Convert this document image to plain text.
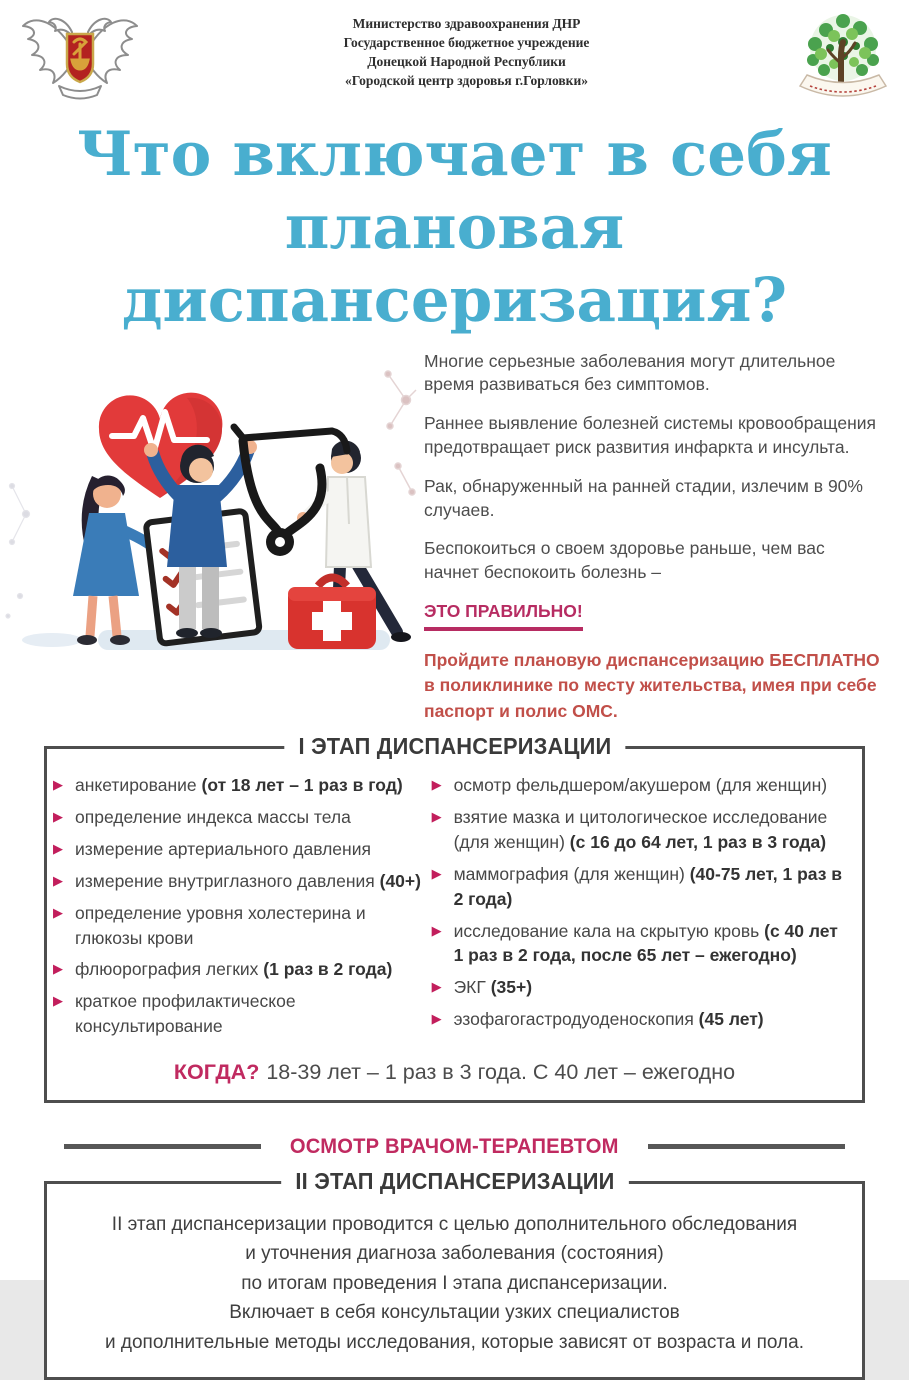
Министерство здравоохранения ДНР
Государственное бюджетное учреждение
Донецкой Народной Республики
«Городской центр здоровья г.Горловки»
Что включает в себя
плановая
диспансеризация?

Многие серьезные заболевания могут длительное время развиваться без симптомов.

Раннее выявление болезней системы кровообращения предотвращает риск развития инфаркта и инсульта.

Рак, обнаруженный на ранней стадии, излечим в 90% случаев.

Беспокоиться о своем здоровье раньше, чем вас начнет беспокоить болезнь –

ЭТО ПРАВИЛЬНО!
Пройдите плановую диспансеризацию БЕСПЛАТНО в поликлинике по месту жительства, имея при себе паспорт и полис ОМС.
I ЭТАП ДИСПАНСЕРИЗАЦИИ
▶ анкетирование (от 18 лет – 1 раз в год)
▶ определение индекса массы тела
▶ измерение артериального давления
▶ измерение внутриглазного давления (40+)
▶ определение уровня холестерина и глюкозы крови
▶ флюорография легких (1 раз в 2 года)
▶ краткое профилактическое консультирование
▶ осмотр фельдшером/акушером (для женщин)
▶ взятие мазка и цитологическое исследование (для женщин) (с 16 до 64 лет, 1 раз в 3 года)
▶ маммография (для женщин) (40-75 лет, 1 раз в 2 года)
▶ исследование кала на скрытую кровь (с 40 лет 1 раз в 2 года, после 65 лет – ежегодно)
▶ ЭКГ (35+)
▶ эзофагогастродуоденоскопия (45 лет)
КОГДА? 18-39 лет – 1 раз в 3 года. С 40 лет – ежегодно
ОСМОТР ВРАЧОМ-ТЕРАПЕВТОМ
II ЭТАП ДИСПАНСЕРИЗАЦИИ
II этап диспансеризации проводится с целью дополнительного обследования
и уточнения диагноза заболевания (состояния)
по итогам проведения I этапа диспансеризации.
Включает в себя консультации узких специалистов
и дополнительные методы исследования, которые зависят от возраста и пола.
